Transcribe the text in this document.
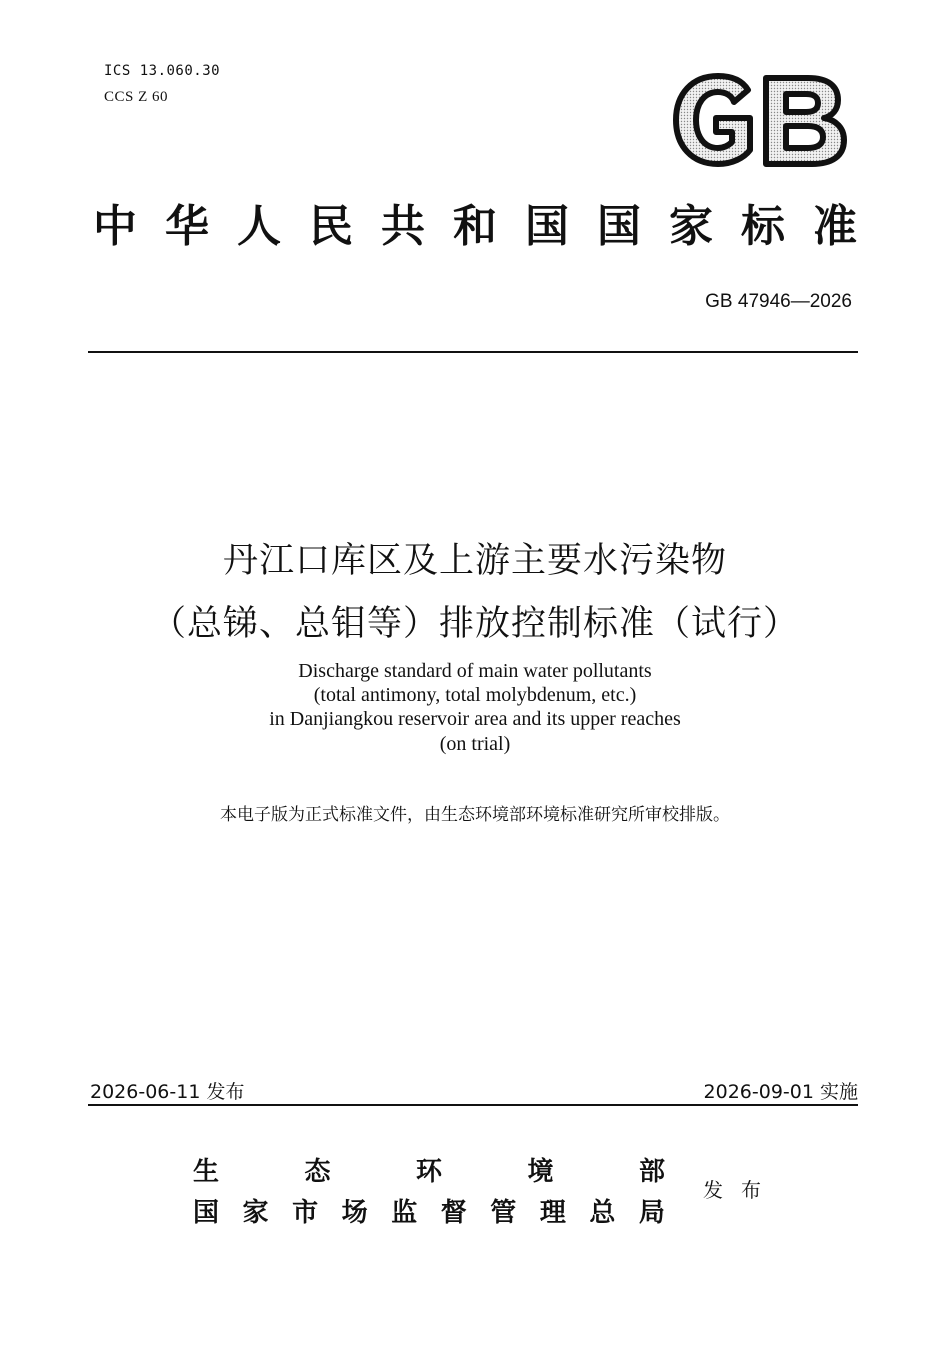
ICS 13.060.30
CCS Z 60
中华人民共和国国家标准
GB 47946—2026
丹江口库区及上游主要水污染物
（总锑、总钼等）排放控制标准（试行）
Discharge standard of main water pollutants
(total antimony, total molybdenum, etc.)
in Danjiangkou reservoir area and its upper reaches
(on trial)
本电子版为正式标准文件，由生态环境部环境标准研究所审校排版。
2026-06-11 发布	2026-09-01 实施
生	态	环	境	部
国 家 市 场 监 督 管 理 总 局
发布
